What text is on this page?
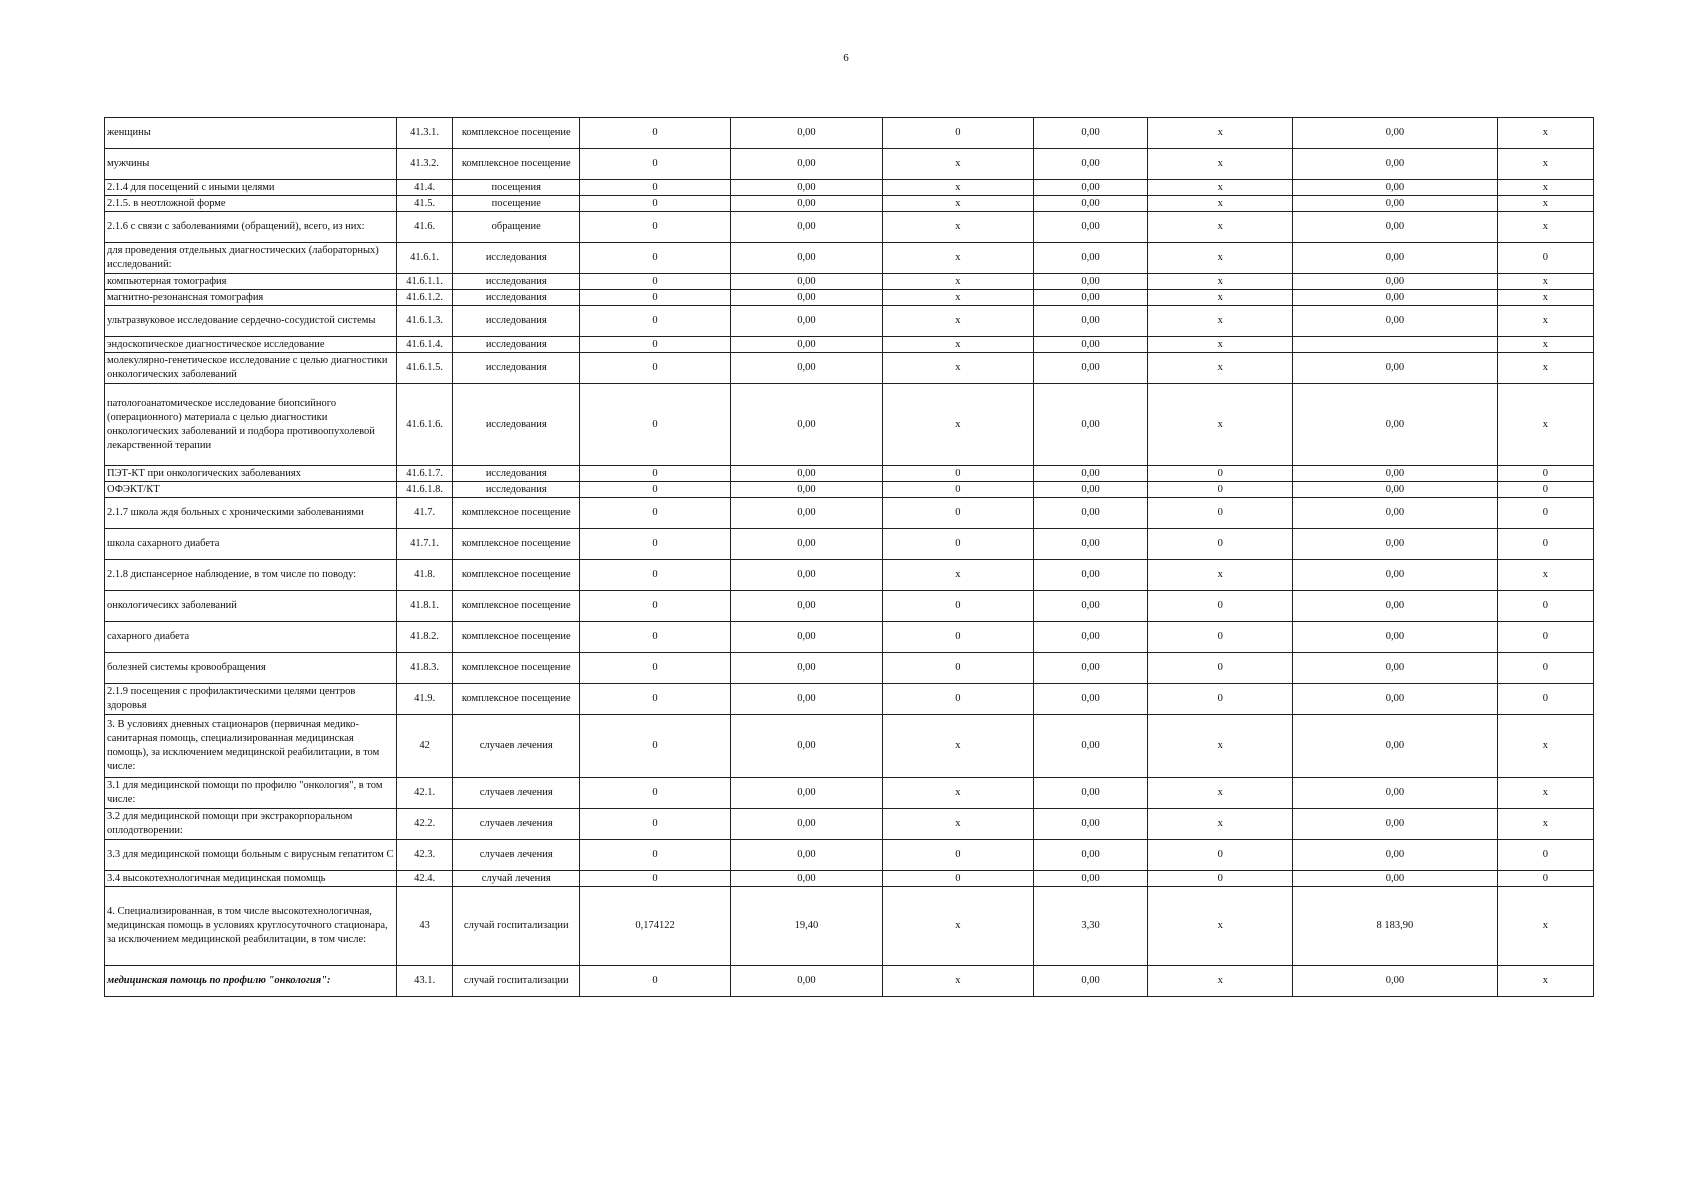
6
женщины	41.3.1.	комплексное посещение	0	0,00	0	0,00	x	0,00	x
мужчины	41.3.2.	комплексное посещение	0	0,00	x	0,00	x	0,00	x
2.1.4 для посещений с иными целями	41.4.	посещения	0	0,00	x	0,00	x	0,00	x
2.1.5. в неотложной форме	41.5.	посещение	0	0,00	x	0,00	x	0,00	x
2.1.6 с связи с заболеваниями (обращений), всего, из них:	41.6.	обращение	0	0,00	x	0,00	x	0,00	x
для проведения отдельных диагностических (лабораторных) исследований:	41.6.1.	исследования	0	0,00	x	0,00	x	0,00	0
компьютерная томография	41.6.1.1.	исследования	0	0,00	x	0,00	x	0,00	x
магнитно-резонансная томография	41.6.1.2.	исследования	0	0,00	x	0,00	x	0,00	x
ультразвуковое исследование сердечно-сосудистой системы	41.6.1.3.	исследования	0	0,00	x	0,00	x	0,00	x
эндоскопическое диагностическое исследование	41.6.1.4.	исследования	0	0,00	x	0,00	x		x
молекулярно-генетическое исследование с целью диагностики онкологических заболеваний	41.6.1.5.	исследования	0	0,00	x	0,00	x	0,00	x
патологоанатомическое исследование биопсийного (операционного) материала с целью диагностики онкологических заболеваний и подбора противоопухолевой лекарственной терапии	41.6.1.6.	исследования	0	0,00	x	0,00	x	0,00	x
ПЭТ-КТ при онкологических заболеваниях	41.6.1.7.	исследования	0	0,00	0	0,00	0	0,00	0
ОФЭКТ/КТ	41.6.1.8.	исследования	0	0,00	0	0,00	0	0,00	0
2.1.7 школа ждя больных с хроническими заболеваниями	41.7.	комплексное посещение	0	0,00	0	0,00	0	0,00	0
школа сахарного диабета	41.7.1.	комплексное посещение	0	0,00	0	0,00	0	0,00	0
2.1.8 диспансерное наблюдение, в том числе по поводу:	41.8.	комплексное посещение	0	0,00	x	0,00	x	0,00	x
онкологичесикх заболеваний	41.8.1.	комплексное посещение	0	0,00	0	0,00	0	0,00	0
сахарного диабета	41.8.2.	комплексное посещение	0	0,00	0	0,00	0	0,00	0
болезней системы кровообращения	41.8.3.	комплексное посещение	0	0,00	0	0,00	0	0,00	0
2.1.9 посещения с профилактическими целями центров здоровья	41.9.	комплексное посещение	0	0,00	0	0,00	0	0,00	0
3. В условиях дневных стационаров (первичная медико-санитарная помощь, специализированная медицинская помощь), за исключением медицинской реабилитации, в том числе:	42	случаев лечения	0	0,00	x	0,00	x	0,00	x
3.1 для медицинской помощи по профилю "онкология", в том числе:	42.1.	случаев лечения	0	0,00	x	0,00	x	0,00	x
3.2 для медицинской помощи при экстракорпоральном оплодотворении:	42.2.	случаев лечения	0	0,00	x	0,00	x	0,00	x
3.3 для медицинской помощи больным с вирусным гепатитом С	42.3.	случаев лечения	0	0,00	0	0,00	0	0,00	0
3.4 высокотехнологичная медицинская помомщь	42.4.	случай лечения	0	0,00	0	0,00	0	0,00	0
4. Специализированная, в том числе высокотехнологичная, медицинская помощь в условиях круглосуточного стационара, за исключением медицинской реабилитации, в том числе:	43	случай госпитализации	0,174122	19,40	x	3,30	x	8 183,90	x
медицинская помощь по профилю "онкология":	43.1.	случай госпитализации	0	0,00	x	0,00	x	0,00	x
